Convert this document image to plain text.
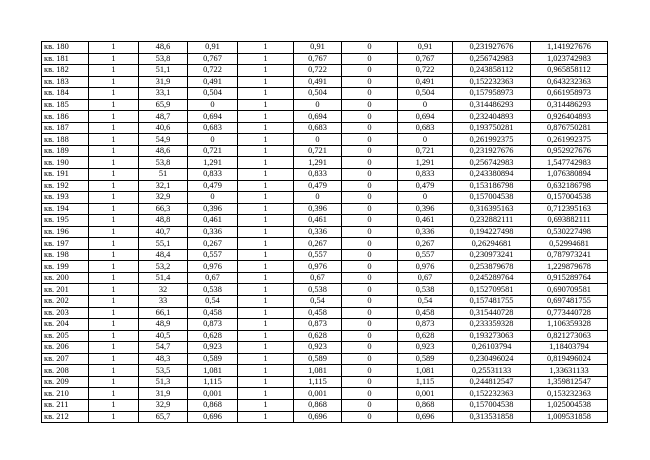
кв. 180	1	48,6	0,91	1	0,91	0	0,91	0,231927676	1,141927676
кв. 181	1	53,8	0,767	1	0,767	0	0,767	0,256742983	1,023742983
кв. 182	1	51,1	0,722	1	0,722	0	0,722	0,243858112	0,965858112
кв. 183	1	31,9	0,491	1	0,491	0	0,491	0,152232363	0,643232363
кв. 184	1	33,1	0,504	1	0,504	0	0,504	0,157958973	0,661958973
кв. 185	1	65,9	0	1	0	0	0	0,314486293	0,314486293
кв. 186	1	48,7	0,694	1	0,694	0	0,694	0,232404893	0,926404893
кв. 187	1	40,6	0,683	1	0,683	0	0,683	0,193750281	0,876750281
кв. 188	1	54,9	0	1	0	0	0	0,261992375	0,261992375
кв. 189	1	48,6	0,721	1	0,721	0	0,721	0,231927676	0,952927676
кв. 190	1	53,8	1,291	1	1,291	0	1,291	0,256742983	1,547742983
кв. 191	1	51	0,833	1	0,833	0	0,833	0,243380894	1,076380894
кв. 192	1	32,1	0,479	1	0,479	0	0,479	0,153186798	0,632186798
кв. 193	1	32,9	0	1	0	0	0	0,157004538	0,157004538
кв. 194	1	66,3	0,396	1	0,396	0	0,396	0,316395163	0,712395163
кв. 195	1	48,8	0,461	1	0,461	0	0,461	0,232882111	0,693882111
кв. 196	1	40,7	0,336	1	0,336	0	0,336	0,194227498	0,530227498
кв. 197	1	55,1	0,267	1	0,267	0	0,267	0,26294681	0,52994681
кв. 198	1	48,4	0,557	1	0,557	0	0,557	0,230973241	0,787973241
кв. 199	1	53,2	0,976	1	0,976	0	0,976	0,253879678	1,229879678
кв. 200	1	51,4	0,67	1	0,67	0	0,67	0,245289764	0,915289764
кв. 201	1	32	0,538	1	0,538	0	0,538	0,152709581	0,690709581
кв. 202	1	33	0,54	1	0,54	0	0,54	0,157481755	0,697481755
кв. 203	1	66,1	0,458	1	0,458	0	0,458	0,315440728	0,773440728
кв. 204	1	48,9	0,873	1	0,873	0	0,873	0,233359328	1,106359328
кв. 205	1	40,5	0,628	1	0,628	0	0,628	0,193273063	0,821273063
кв. 206	1	54,7	0,923	1	0,923	0	0,923	0,26103794	1,18403794
кв. 207	1	48,3	0,589	1	0,589	0	0,589	0,230496024	0,819496024
кв. 208	1	53,5	1,081	1	1,081	0	1,081	0,25531133	1,33631133
кв. 209	1	51,3	1,115	1	1,115	0	1,115	0,244812547	1,359812547
кв. 210	1	31,9	0,001	1	0,001	0	0,001	0,152232363	0,153232363
кв. 211	1	32,9	0,868	1	0,868	0	0,868	0,157004538	1,025004538
кв. 212	1	65,7	0,696	1	0,696	0	0,696	0,313531858	1,009531858
